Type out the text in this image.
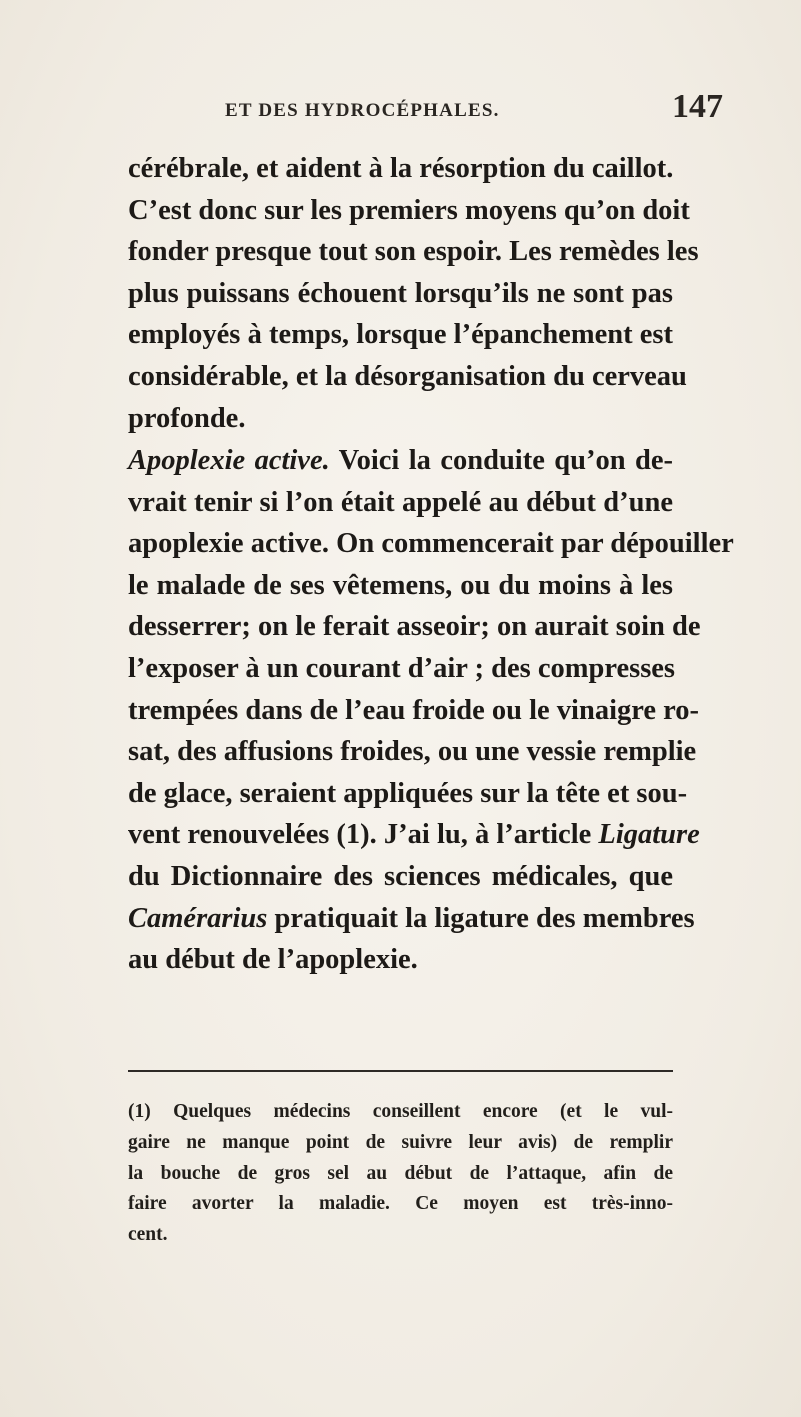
ET DES HYDROCÉPHALES.	147
cérébrale, et aident à la résorption du caillot.
C’est donc sur les premiers moyens qu’on doit
fonder presque tout son espoir. Les remèdes les
plus puissans échouent lorsqu’ils ne sont pas
employés à temps, lorsque l’épanchement est
considérable, et la désorganisation du cerveau
profonde.
Apoplexie active. Voici la conduite qu’on de-
vrait tenir si l’on était appelé au début d’une
apoplexie active. On commencerait par dépouiller
le malade de ses vêtemens, ou du moins à les
desserrer; on le ferait asseoir; on aurait soin de
l’exposer à un courant d’air ; des compresses
trempées dans de l’eau froide ou le vinaigre ro-
sat, des affusions froides, ou une vessie remplie
de glace, seraient appliquées sur la tête et sou-
vent renouvelées (1). J’ai lu, à l’article Ligature
du Dictionnaire des sciences médicales, que
Camérarius pratiquait la ligature des membres
au début de l’apoplexie.
(1) Quelques médecins conseillent encore (et le vul-
gaire ne manque point de suivre leur avis) de remplir
la bouche de gros sel au début de l’attaque, afin de
faire avorter la maladie. Ce moyen est très-inno-
cent.
